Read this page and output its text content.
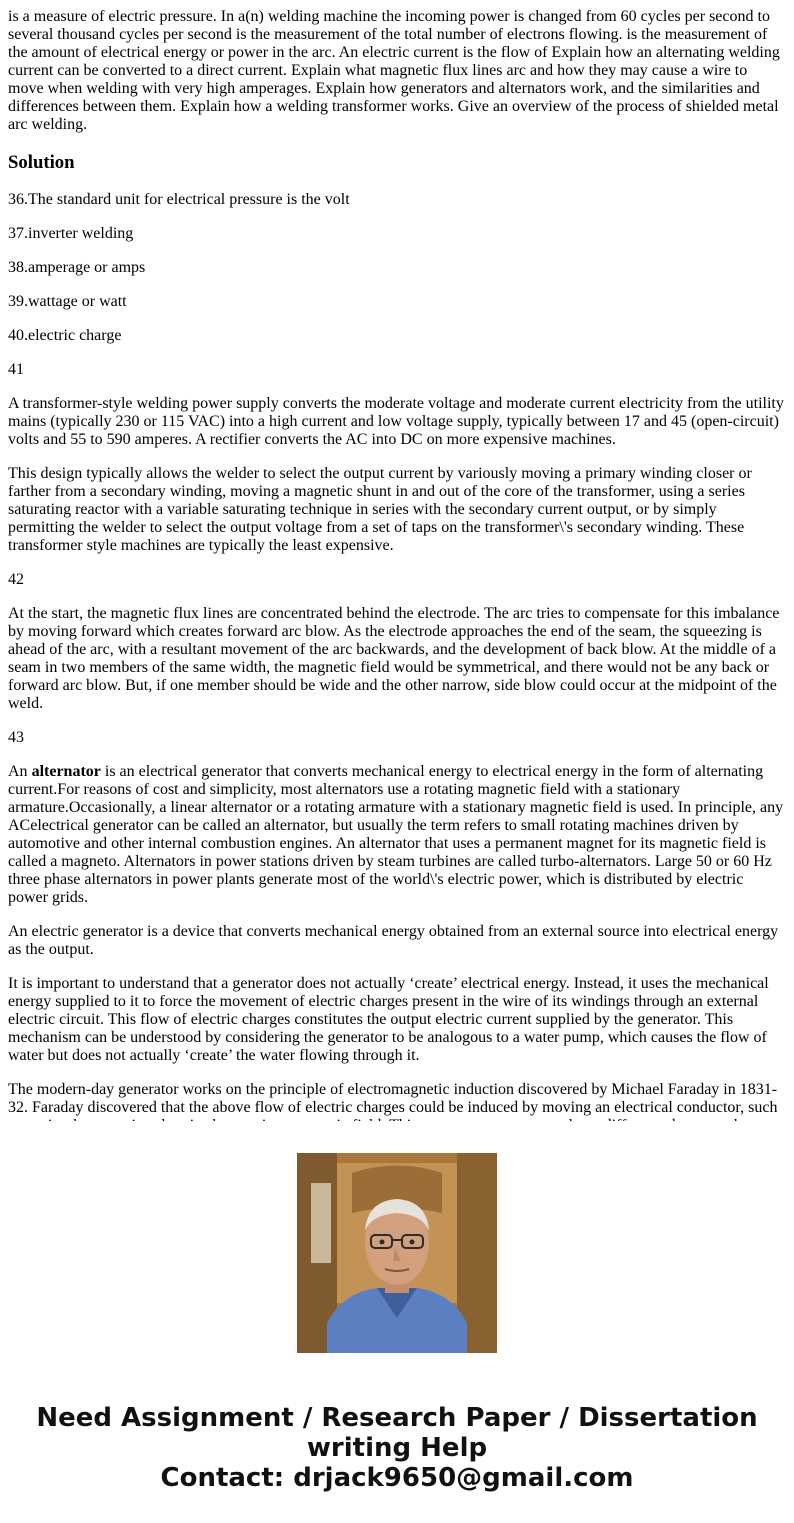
is a measure of electric pressure. In a(n) welding machine the incoming power is changed from 60 cycles per second to several thousand cycles per second is the measurement of the total number of electrons flowing. is the measurement of the amount of electrical energy or power in the arc. An electric current is the flow of Explain how an alternating welding current can be converted to a direct current. Explain what magnetic flux lines arc and how they may cause a wire to move when welding with very high amperages. Explain how generators and alternators work, and the similarities and differences between them. Explain how a welding transformer works. Give an overview of the process of shielded metal arc welding.

Solution

36.The standard unit for electrical pressure is the volt

37.inverter welding

38.amperage or amps

39.wattage or watt

40.electric charge

41

A transformer-style welding power supply converts the moderate voltage and moderate current electricity from the utility mains (typically 230 or 115 VAC) into a high current and low voltage supply, typically between 17 and 45 (open-circuit) volts and 55 to 590 amperes. A rectifier converts the AC into DC on more expensive machines.

This design typically allows the welder to select the output current by variously moving a primary winding closer or farther from a secondary winding, moving a magnetic shunt in and out of the core of the transformer, using a series saturating reactor with a variable saturating technique in series with the secondary current output, or by simply permitting the welder to select the output voltage from a set of taps on the transformer\'s secondary winding. These transformer style machines are typically the least expensive.

42

At the start, the magnetic flux lines are concentrated behind the electrode. The arc tries to compensate for this imbalance by moving forward which creates forward arc blow. As the electrode approaches the end of the seam, the squeezing is ahead of the arc, with a resultant movement of the arc backwards, and the development of back blow. At the middle of a seam in two members of the same width, the magnetic field would be symmetrical, and there would not be any back or forward arc blow. But, if one member should be wide and the other narrow, side blow could occur at the midpoint of the weld.

43

An alternator is an electrical generator that converts mechanical energy to electrical energy in the form of alternating current.For reasons of cost and simplicity, most alternators use a rotating magnetic field with a stationary armature.Occasionally, a linear alternator or a rotating armature with a stationary magnetic field is used. In principle, any ACelectrical generator can be called an alternator, but usually the term refers to small rotating machines driven by automotive and other internal combustion engines. An alternator that uses a permanent magnet for its magnetic field is called a magneto. Alternators in power stations driven by steam turbines are called turbo-alternators. Large 50 or 60 Hz three phase alternators in power plants generate most of the world\'s electric power, which is distributed by electric power grids.

An electric generator is a device that converts mechanical energy obtained from an external source into electrical energy as the output.

It is important to understand that a generator does not actually ‘create’ electrical energy. Instead, it uses the mechanical energy supplied to it to force the movement of electric charges present in the wire of its windings through an external electric circuit. This flow of electric charges constitutes the output electric current supplied by the generator. This mechanism can be understood by considering the generator to be analogous to a water pump, which causes the flow of water but does not actually ‘create’ the water flowing through it.

The modern-day generator works on the principle of electromagnetic induction discovered by Michael Faraday in 1831-32. Faraday discovered that the above flow of electric charges could be induced by moving an electrical conductor, such

Need Assignment / Research Paper / Dissertation
writing Help
Contact: drjack9650@gmail.com
